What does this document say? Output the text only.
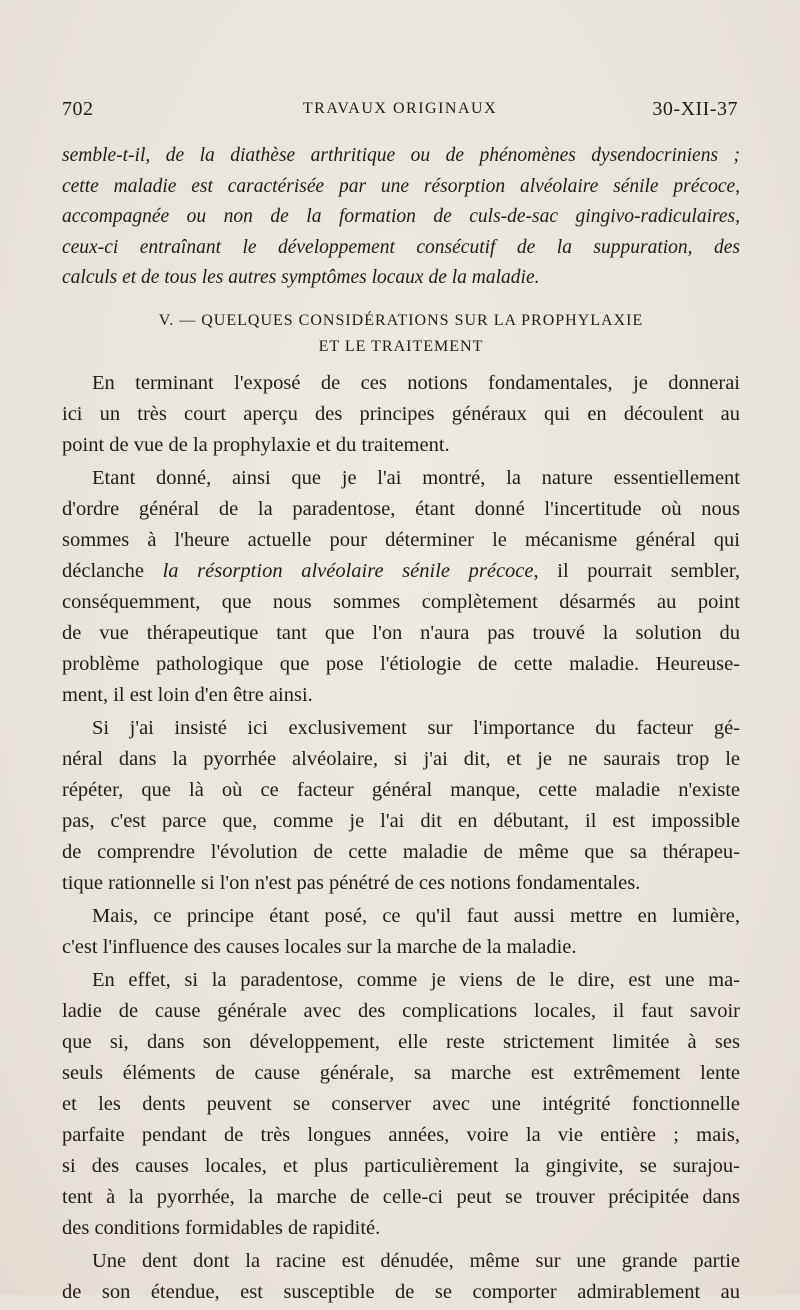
702	TRAVAUX ORIGINAUX	30-XII-37
semble-t-il, de la diathèse arthritique ou de phénomènes dysendocriniens ;
cette maladie est caractérisée par une résorption alvéolaire sénile précoce,
accompagnée ou non de la formation de culs-de-sac gingivo-radiculaires,
ceux-ci entraînant le développement consécutif de la suppuration, des
calculs et de tous les autres symptômes locaux de la maladie.
V. — QUELQUES CONSIDÉRATIONS SUR LA PROPHYLAXIE
ET LE TRAITEMENT
En terminant l'exposé de ces notions fondamentales, je donnerai
ici un très court aperçu des principes généraux qui en découlent au
point de vue de la prophylaxie et du traitement.
Etant donné, ainsi que je l'ai montré, la nature essentiellement
d'ordre général de la paradentose, étant donné l'incertitude où nous
sommes à l'heure actuelle pour déterminer le mécanisme général qui
déclanche la résorption alvéolaire sénile précoce, il pourrait sembler,
conséquemment, que nous sommes complètement désarmés au point
de vue thérapeutique tant que l'on n'aura pas trouvé la solution du
problème pathologique que pose l'étiologie de cette maladie. Heureuse-
ment, il est loin d'en être ainsi.
Si j'ai insisté ici exclusivement sur l'importance du facteur gé-
néral dans la pyorrhée alvéolaire, si j'ai dit, et je ne saurais trop le
répéter, que là où ce facteur général manque, cette maladie n'existe
pas, c'est parce que, comme je l'ai dit en débutant, il est impossible
de comprendre l'évolution de cette maladie de même que sa thérapeu-
tique rationnelle si l'on n'est pas pénétré de ces notions fondamentales.
Mais, ce principe étant posé, ce qu'il faut aussi mettre en lumière,
c'est l'influence des causes locales sur la marche de la maladie.
En effet, si la paradentose, comme je viens de le dire, est une ma-
ladie de cause générale avec des complications locales, il faut savoir
que si, dans son développement, elle reste strictement limitée à ses
seuls éléments de cause générale, sa marche est extrêmement lente
et les dents peuvent se conserver avec une intégrité fonctionnelle
parfaite pendant de très longues années, voire la vie entière ; mais,
si des causes locales, et plus particulièrement la gingivite, se surajou-
tent à la pyorrhée, la marche de celle-ci peut se trouver précipitée dans
des conditions formidables de rapidité.
Une dent dont la racine est dénudée, même sur une grande partie
de son étendue, est susceptible de se comporter admirablement au
